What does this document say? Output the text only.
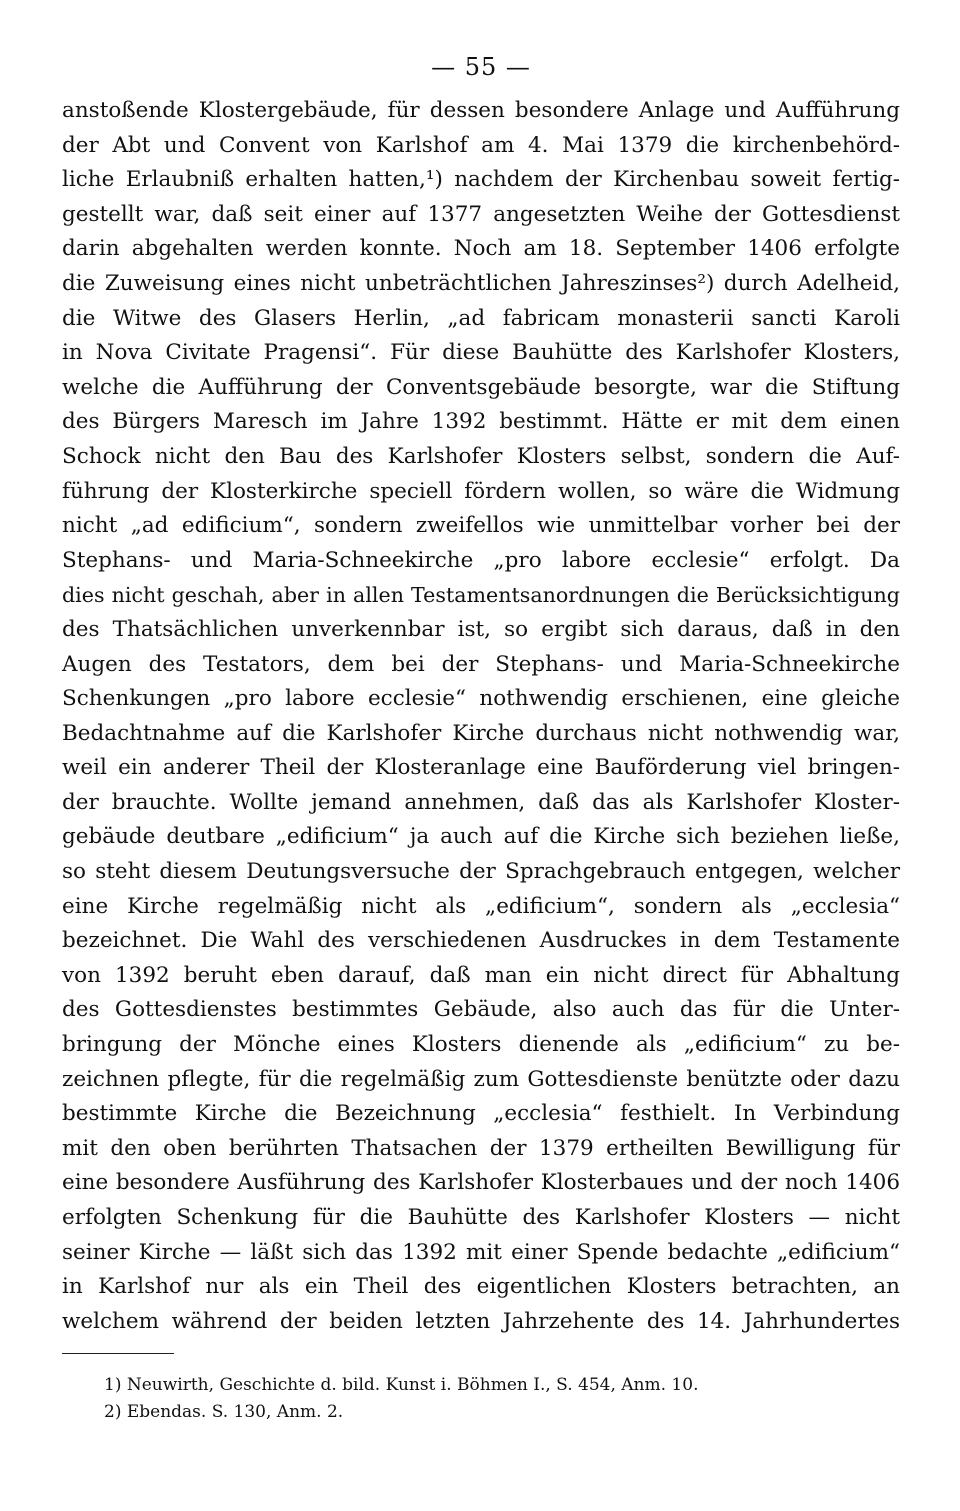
— 55 —
anstoßende Klostergebäude, für dessen besondere Anlage und Aufführung
der Abt und Convent von Karlshof am 4. Mai 1379 die kirchenbehörd-
liche Erlaubniß erhalten hatten,¹) nachdem der Kirchenbau soweit fertig-
gestellt war, daß seit einer auf 1377 angesetzten Weihe der Gottesdienst
darin abgehalten werden konnte. Noch am 18. September 1406 erfolgte
die Zuweisung eines nicht unbeträchtlichen Jahreszinses²) durch Adelheid,
die Witwe des Glasers Herlin, „ad fabricam monasterii sancti Karoli
in Nova Civitate Pragensi“. Für diese Bauhütte des Karlshofer Klosters,
welche die Aufführung der Conventsgebäude besorgte, war die Stiftung
des Bürgers Maresch im Jahre 1392 bestimmt. Hätte er mit dem einen
Schock nicht den Bau des Karlshofer Klosters selbst, sondern die Auf-
führung der Klosterkirche speciell fördern wollen, so wäre die Widmung
nicht „ad edificium“, sondern zweifellos wie unmittelbar vorher bei der
Stephans- und Maria-Schneekirche „pro labore ecclesie“ erfolgt. Da
dies nicht geschah, aber in allen Testamentsanordnungen die Berücksichtigung
des Thatsächlichen unverkennbar ist, so ergibt sich daraus, daß in den
Augen des Testators, dem bei der Stephans- und Maria-Schneekirche
Schenkungen „pro labore ecclesie“ nothwendig erschienen, eine gleiche
Bedachtnahme auf die Karlshofer Kirche durchaus nicht nothwendig war,
weil ein anderer Theil der Klosteranlage eine Bauförderung viel bringen-
der brauchte. Wollte jemand annehmen, daß das als Karlshofer Kloster-
gebäude deutbare „edificium“ ja auch auf die Kirche sich beziehen ließe,
so steht diesem Deutungsversuche der Sprachgebrauch entgegen, welcher
eine Kirche regelmäßig nicht als „edificium“, sondern als „ecclesia“
bezeichnet. Die Wahl des verschiedenen Ausdruckes in dem Testamente
von 1392 beruht eben darauf, daß man ein nicht direct für Abhaltung
des Gottesdienstes bestimmtes Gebäude, also auch das für die Unter-
bringung der Mönche eines Klosters dienende als „edificium“ zu be-
zeichnen pflegte, für die regelmäßig zum Gottesdienste benützte oder dazu
bestimmte Kirche die Bezeichnung „ecclesia“ festhielt. In Verbindung
mit den oben berührten Thatsachen der 1379 ertheilten Bewilligung für
eine besondere Ausführung des Karlshofer Klosterbaues und der noch 1406
erfolgten Schenkung für die Bauhütte des Karlshofer Klosters — nicht
seiner Kirche — läßt sich das 1392 mit einer Spende bedachte „edificium“
in Karlshof nur als ein Theil des eigentlichen Klosters betrachten, an
welchem während der beiden letzten Jahrzehente des 14. Jahrhundertes
1) Neuwirth, Geschichte d. bild. Kunst i. Böhmen I., S. 454, Anm. 10.
2) Ebendas. S. 130, Anm. 2.
